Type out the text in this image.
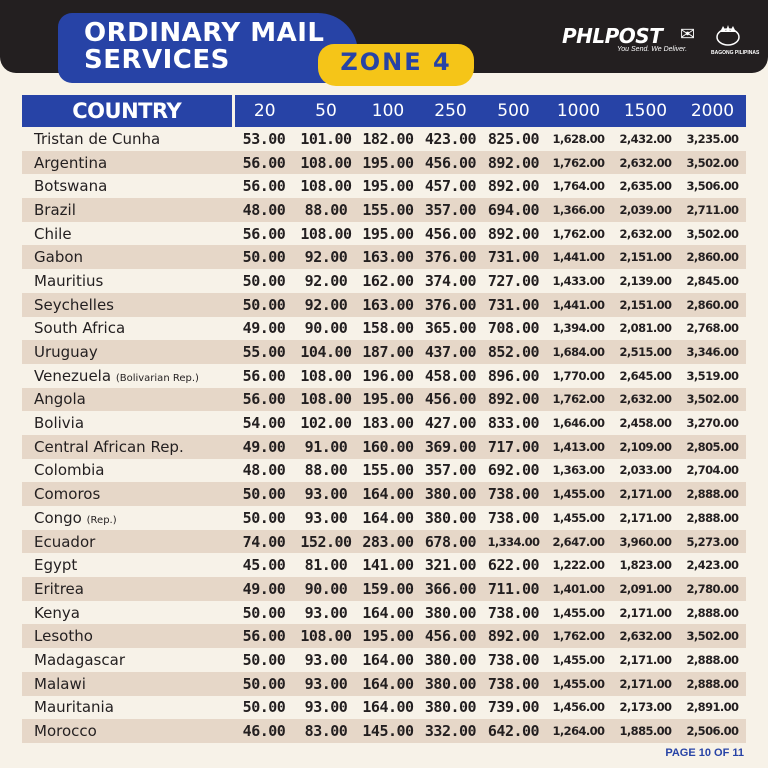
ORDINARY MAIL
SERVICES	ZONE 4
PHLPOST ✉
You Send. We Deliver.	BAGONG PILIPINAS
COUNTRY	20	50	100	250	500	1000	1500	2000
Tristan de Cunha	53.00	101.00	182.00	423.00	825.00	1,628.00	2,432.00	3,235.00
Argentina	56.00	108.00	195.00	456.00	892.00	1,762.00	2,632.00	3,502.00
Botswana	56.00	108.00	195.00	457.00	892.00	1,764.00	2,635.00	3,506.00
Brazil	48.00	88.00	155.00	357.00	694.00	1,366.00	2,039.00	2,711.00
Chile	56.00	108.00	195.00	456.00	892.00	1,762.00	2,632.00	3,502.00
Gabon	50.00	92.00	163.00	376.00	731.00	1,441.00	2,151.00	2,860.00
Mauritius	50.00	92.00	162.00	374.00	727.00	1,433.00	2,139.00	2,845.00
Seychelles	50.00	92.00	163.00	376.00	731.00	1,441.00	2,151.00	2,860.00
South Africa	49.00	90.00	158.00	365.00	708.00	1,394.00	2,081.00	2,768.00
Uruguay	55.00	104.00	187.00	437.00	852.00	1,684.00	2,515.00	3,346.00
Venezuela (Bolivarian Rep.)	56.00	108.00	196.00	458.00	896.00	1,770.00	2,645.00	3,519.00
Angola	56.00	108.00	195.00	456.00	892.00	1,762.00	2,632.00	3,502.00
Bolivia	54.00	102.00	183.00	427.00	833.00	1,646.00	2,458.00	3,270.00
Central African Rep.	49.00	91.00	160.00	369.00	717.00	1,413.00	2,109.00	2,805.00
Colombia	48.00	88.00	155.00	357.00	692.00	1,363.00	2,033.00	2,704.00
Comoros	50.00	93.00	164.00	380.00	738.00	1,455.00	2,171.00	2,888.00
Congo (Rep.)	50.00	93.00	164.00	380.00	738.00	1,455.00	2,171.00	2,888.00
Ecuador	74.00	152.00	283.00	678.00	1,334.00	2,647.00	3,960.00	5,273.00
Egypt	45.00	81.00	141.00	321.00	622.00	1,222.00	1,823.00	2,423.00
Eritrea	49.00	90.00	159.00	366.00	711.00	1,401.00	2,091.00	2,780.00
Kenya	50.00	93.00	164.00	380.00	738.00	1,455.00	2,171.00	2,888.00
Lesotho	56.00	108.00	195.00	456.00	892.00	1,762.00	2,632.00	3,502.00
Madagascar	50.00	93.00	164.00	380.00	738.00	1,455.00	2,171.00	2,888.00
Malawi	50.00	93.00	164.00	380.00	738.00	1,455.00	2,171.00	2,888.00
Mauritania	50.00	93.00	164.00	380.00	739.00	1,456.00	2,173.00	2,891.00
Morocco	46.00	83.00	145.00	332.00	642.00	1,264.00	1,885.00	2,506.00
PAGE 10 OF 11
